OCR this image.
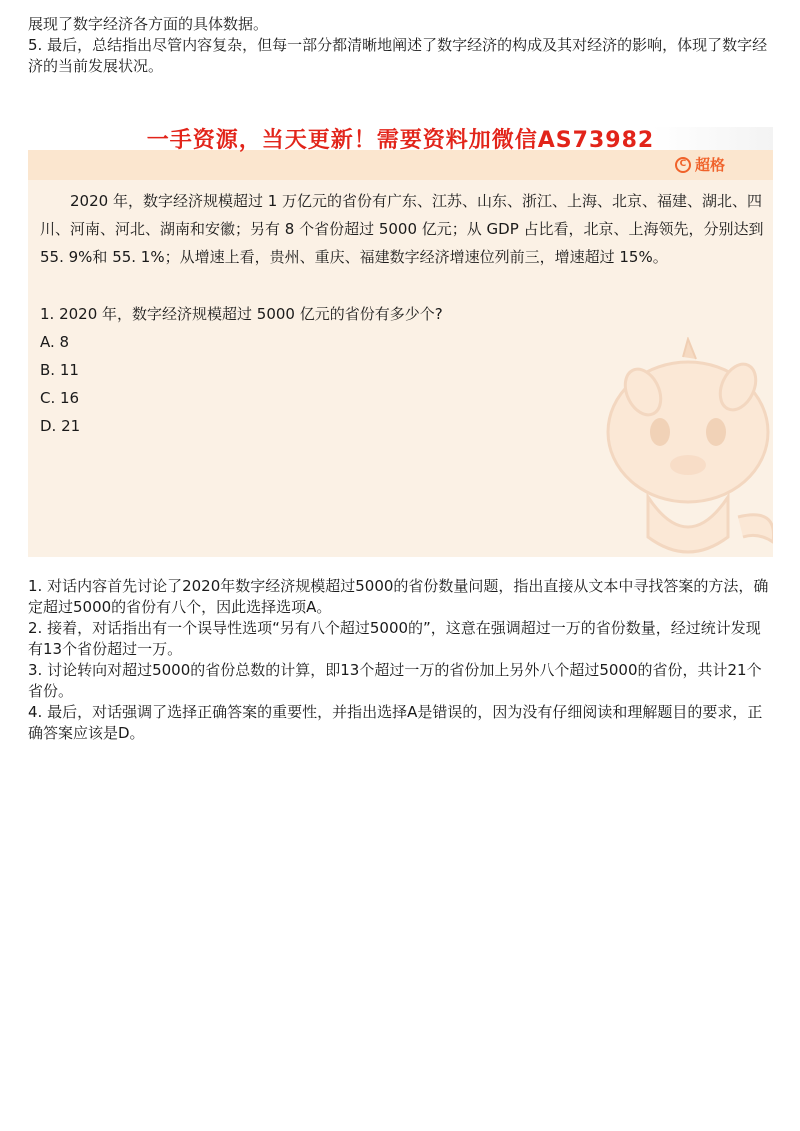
展现了数字经济各方面的具体数据。

5. 最后，总结指出尽管内容复杂，但每一部分都清晰地阐述了数字经济的构成及其对经济的影响，体现了数字经济的当前发展状况。

一手资源，当天更新！需要资料加微信AS73982
C 超格

2020 年，数字经济规模超过 1 万亿元的省份有广东、江苏、山东、浙江、上海、北京、福建、湖北、四川、河南、河北、湖南和安徽；另有 8 个省份超过 5000 亿元；从 GDP 占比看，北京、上海领先，分别达到 55. 9%和 55. 1%；从增速上看，贵州、重庆、福建数字经济增速位列前三，增速超过 15%。

1. 2020 年，数字经济规模超过 5000 亿元的省份有多少个?

A. 8
B. 11
C. 16
D. 21

1. 对话内容首先讨论了2020年数字经济规模超过5000的省份数量问题，指出直接从文本中寻找答案的方法，确定超过5000的省份有八个，因此选择选项A。

2. 接着，对话指出有一个误导性选项“另有八个超过5000的”，这意在强调超过一万的省份数量，经过统计发现有13个省份超过一万。

3. 讨论转向对超过5000的省份总数的计算，即13个超过一万的省份加上另外八个超过5000的省份，共计21个省份。

4. 最后，对话强调了选择正确答案的重要性，并指出选择A是错误的，因为没有仔细阅读和理解题目的要求，正确答案应该是D。
